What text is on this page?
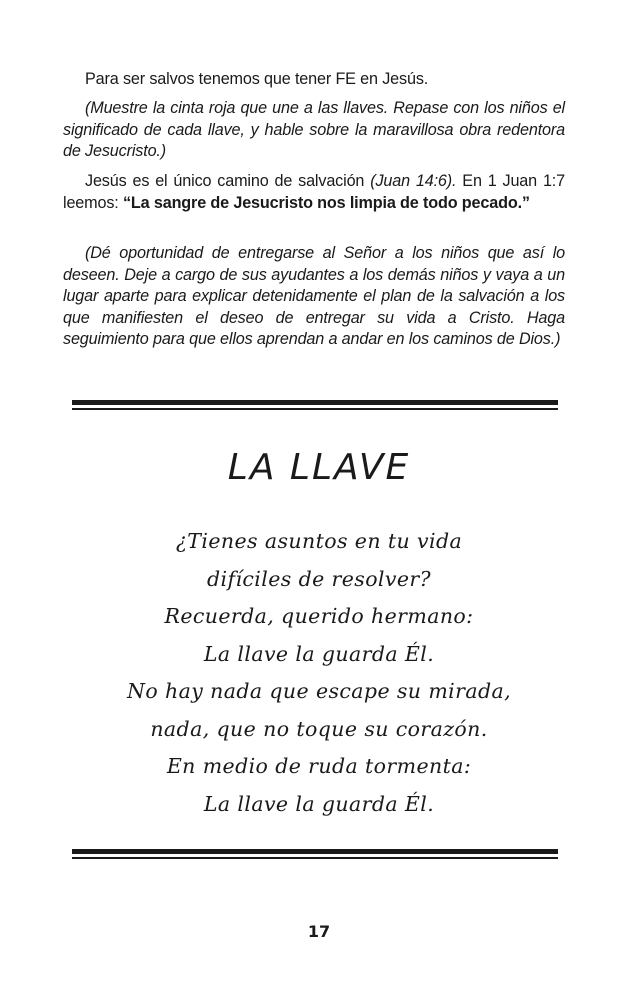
Para ser salvos tenemos que tener FE en Jesús.

(Muestre la cinta roja que une a las llaves. Repase con los niños el significado de cada llave, y hable sobre la maravillosa obra redentora de Jesucristo.)

Jesús es el único camino de salvación (Juan 14:6). En 1 Juan 1:7 leemos: “La sangre de Jesucristo nos limpia de todo pecado.”

(Dé oportunidad de entregarse al Señor a los niños que así lo deseen. Deje a cargo de sus ayudantes a los demás niños y vaya a un lugar aparte para explicar detenidamente el plan de la salvación a los que manifiesten el deseo de entregar su vida a Cristo. Haga seguimiento para que ellos aprendan a andar en los caminos de Dios.)

LA LLAVE
¿Tienes asuntos en tu vida
difíciles de resolver?
Recuerda, querido hermano:
La llave la guarda Él.
No hay nada que escape su mirada,
nada, que no toque su corazón.
En medio de ruda tormenta:
La llave la guarda Él.
17
